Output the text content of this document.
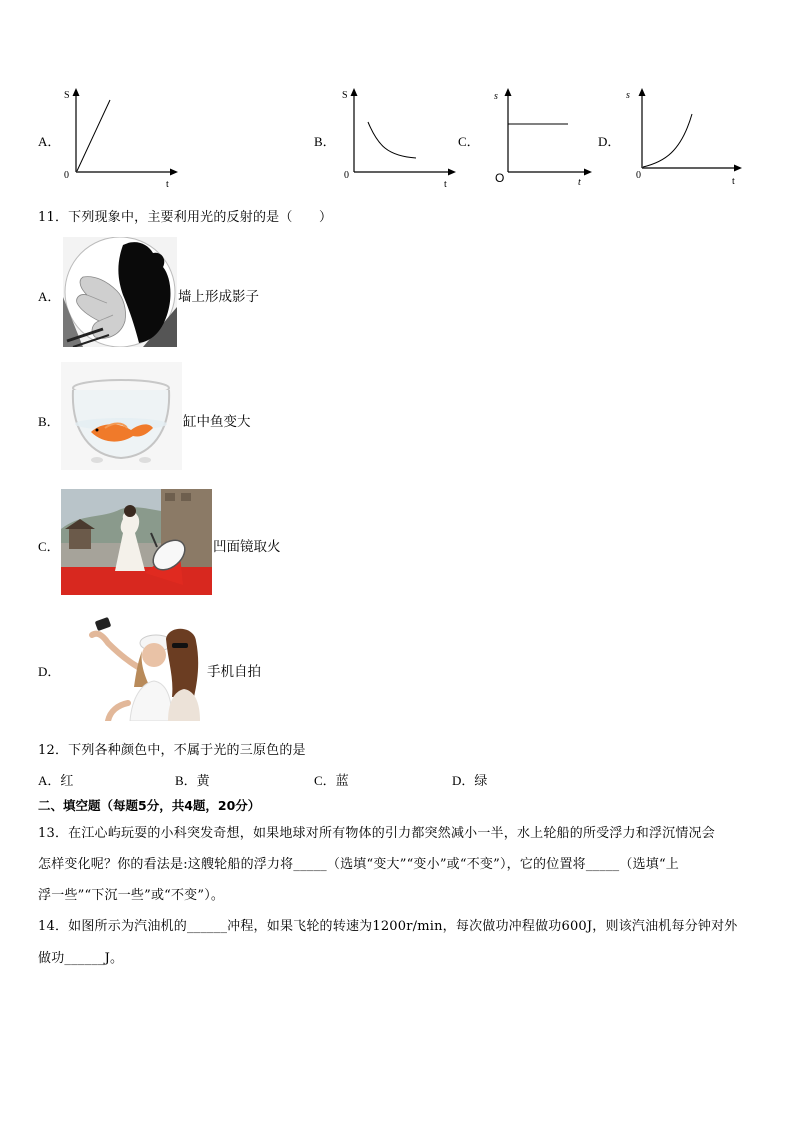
A．
S
0
t
B．
S
0
t
C．
s
O	t
D．
s
0
t
11．下列现象中，主要利用光的反射的是（　　）
A．	墙上形成影子
B．	缸中鱼变大
C．	凹面镜取火
D．	手机自拍
12．下列各种颜色中，不属于光的三原色的是
A．红	B．黄	C．蓝	D．绿
二、填空题（每题5分，共4题，20分）
13．在江心屿玩耍的小科突发奇想，如果地球对所有物体的引力都突然减小一半，水上轮船的所受浮力和浮沉情况会
怎样变化呢？你的看法是:这艘轮船的浮力将_____（选填“变大”“变小”或“不变”），它的位置将_____（选填“上
浮一些”“下沉一些”或“不变”）。
14．如图所示为汽油机的______冲程，如果飞轮的转速为1200r/min，每次做功冲程做功600J，则该汽油机每分钟对外
做功______J。
